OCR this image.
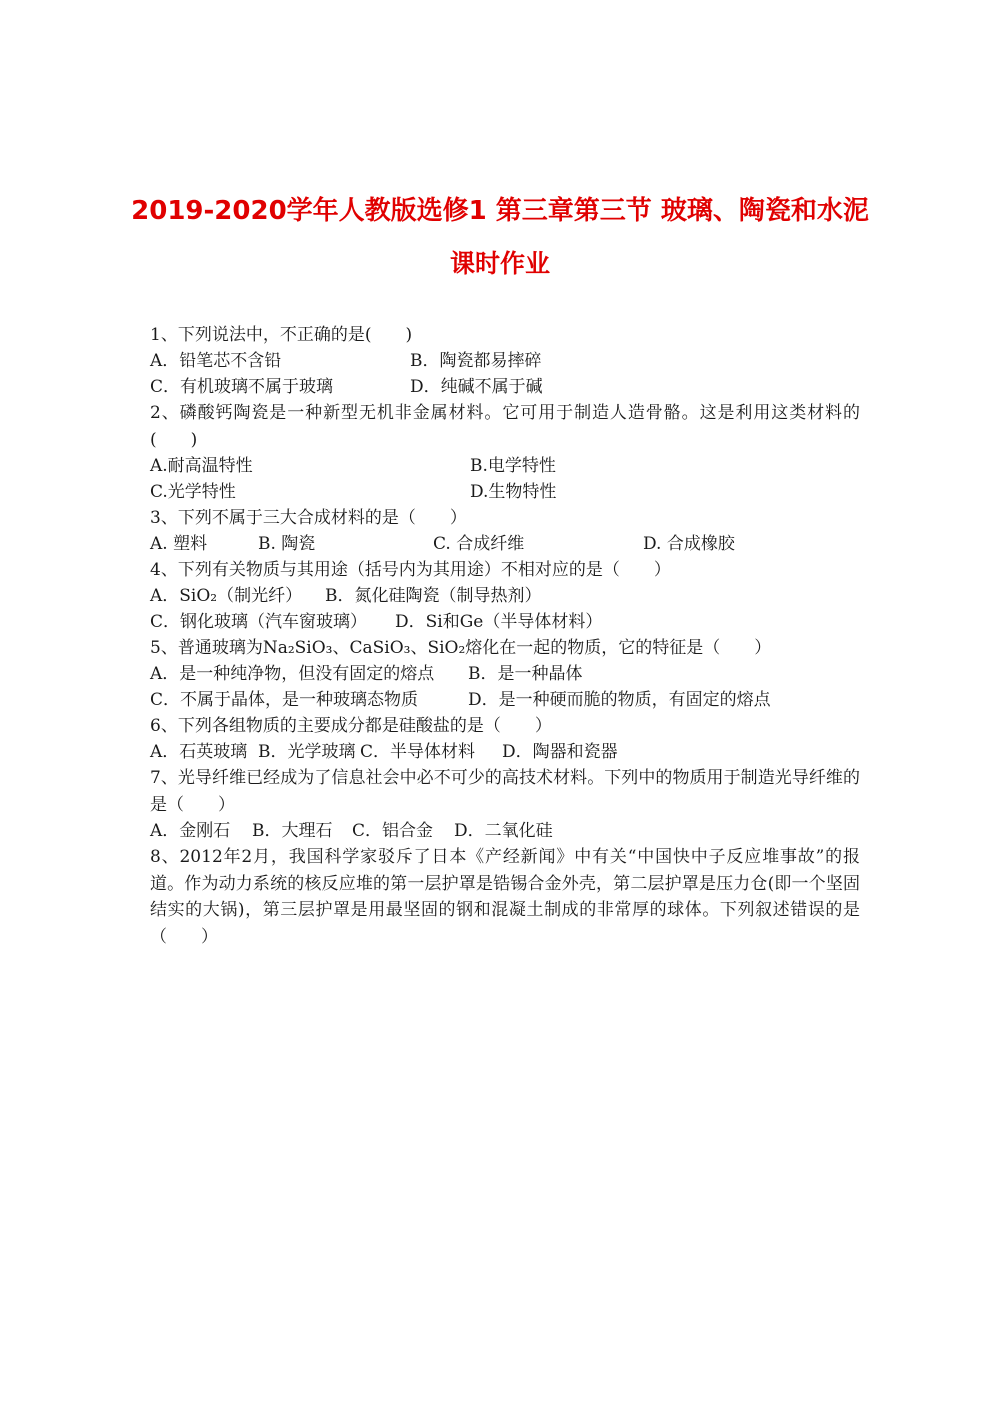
2019-2020学年人教版选修1 第三章第三节 玻璃、陶瓷和水泥
课时作业
1、下列说法中，不正确的是(　　)
A．铅笔芯不含铅	B．陶瓷都易摔碎
C．有机玻璃不属于玻璃	D．纯碱不属于碱
2、磷酸钙陶瓷是一种新型无机非金属材料。它可用于制造人造骨骼。这是利用这类材料的(　　)
A.耐高温特性	B.电学特性
C.光学特性	D.生物特性
3、下列不属于三大合成材料的是（　　）
A. 塑料	B. 陶瓷	C. 合成纤维	D. 合成橡胶
4、下列有关物质与其用途（括号内为其用途）不相对应的是（　　）
A．SiO₂（制光纤） B．氮化硅陶瓷（制导热剂）
C．钢化玻璃（汽车窗玻璃） D．Si和Ge（半导体材料）
5、普通玻璃为Na₂SiO₃、CaSiO₃、SiO₂熔化在一起的物质，它的特征是（　　）
A．是一种纯净物，但没有固定的熔点 B．是一种晶体
C．不属于晶体，是一种玻璃态物质	D．是一种硬而脆的物质，有固定的熔点
6、下列各组物质的主要成分都是硅酸盐的是（　　）
A．石英玻璃 B．光学玻璃 C．半导体材料 D．陶器和瓷器
7、光导纤维已经成为了信息社会中必不可少的高技术材料。下列中的物质用于制造光导纤维的是（　　）
A．金刚石 B．大理石 C．铝合金 D．二氧化硅
8、2012年2月，我国科学家驳斥了日本《产经新闻》中有关“中国快中子反应堆事故”的报道。作为动力系统的核反应堆的第一层护罩是锆锡合金外壳，第二层护罩是压力仓(即一个坚固结实的大锅)，第三层护罩是用最坚固的钢和混凝土制成的非常厚的球体。下列叙述错误的是（　　）
